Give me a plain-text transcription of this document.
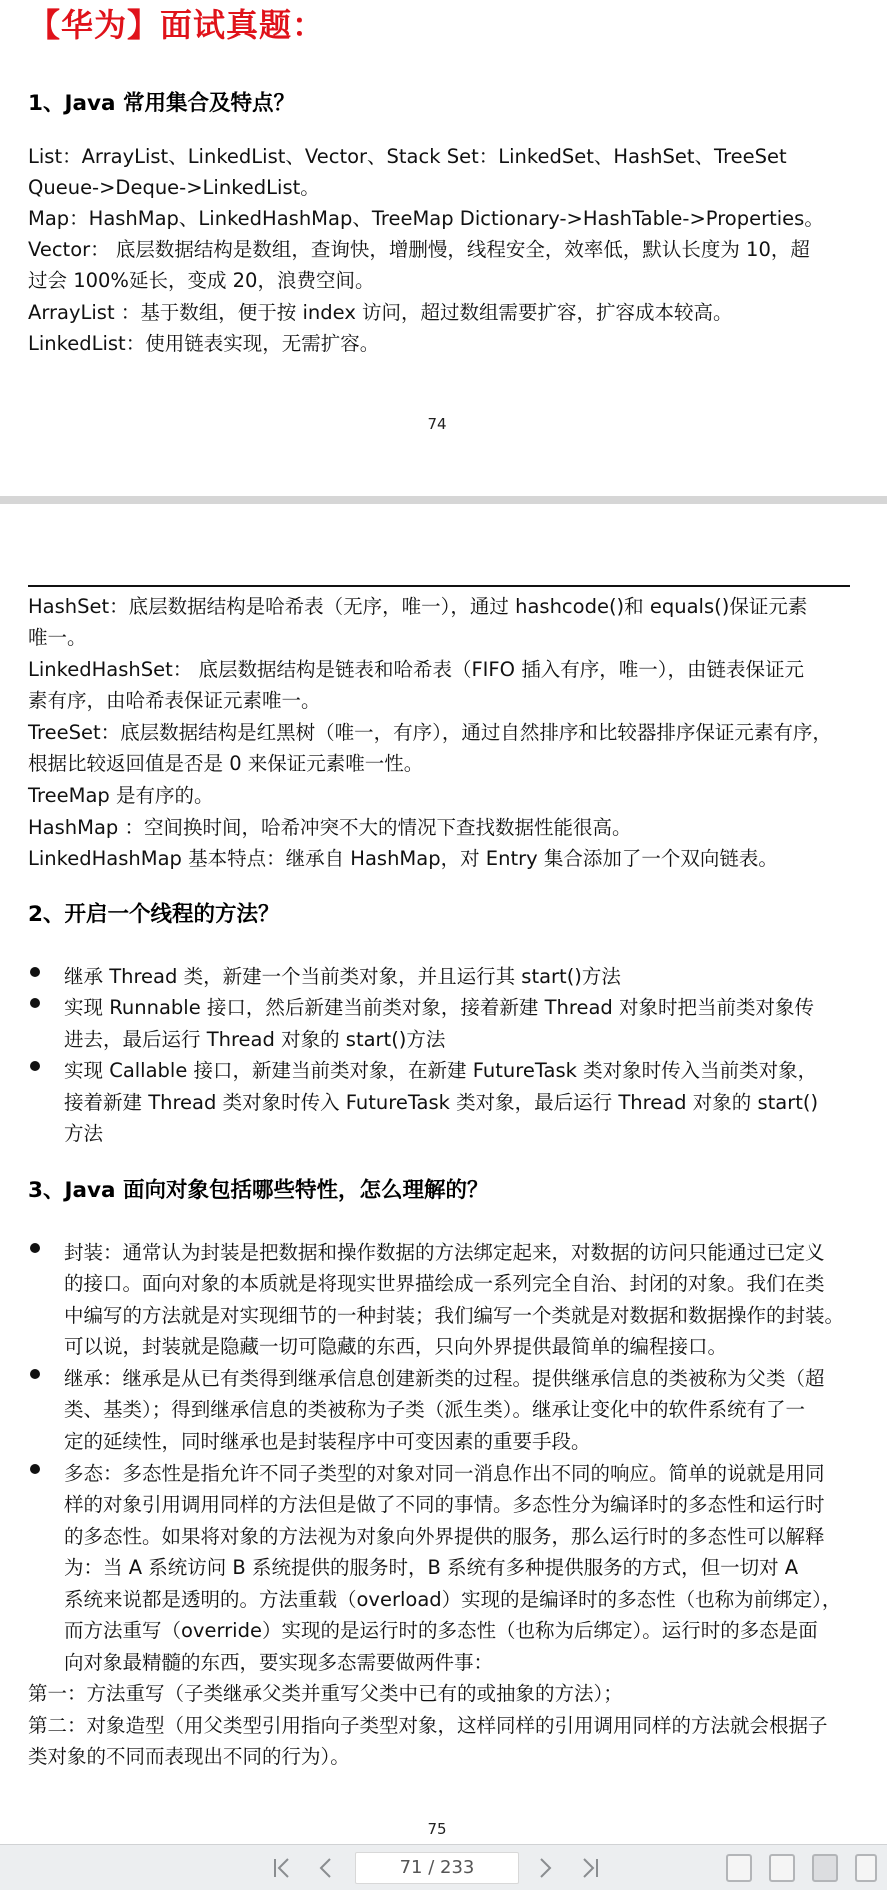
【华为】面试真题：
1、Java 常用集合及特点？
List：ArrayList、LinkedList、Vector、Stack Set：LinkedSet、HashSet、TreeSet
Queue->Deque->LinkedList。
Map：HashMap、LinkedHashMap、TreeMap Dictionary->HashTable->Properties。
Vector： 底层数据结构是数组，查询快，增删慢，线程安全，效率低，默认长度为 10，超
过会 100%延长，变成 20，浪费空间。
ArrayList ：基于数组，便于按 index 访问，超过数组需要扩容，扩容成本较高。
LinkedList：使用链表实现，无需扩容。
74
HashSet：底层数据结构是哈希表（无序，唯一），通过 hashcode()和 equals()保证元素
唯一。
LinkedHashSet： 底层数据结构是链表和哈希表（FIFO 插入有序，唯一），由链表保证元
素有序，由哈希表保证元素唯一。
TreeSet：底层数据结构是红黑树（唯一，有序），通过自然排序和比较器排序保证元素有序，
根据比较返回值是否是 0 来保证元素唯一性。
TreeMap 是有序的。
HashMap ：空间换时间，哈希冲突不大的情况下查找数据性能很高。
LinkedHashMap 基本特点：继承自 HashMap，对 Entry 集合添加了一个双向链表。
2、开启一个线程的方法？
继承 Thread 类，新建一个当前类对象，并且运行其 start()方法
实现 Runnable 接口，然后新建当前类对象，接着新建 Thread 对象时把当前类对象传
进去，最后运行 Thread 对象的 start()方法
实现 Callable 接口，新建当前类对象，在新建 FutureTask 类对象时传入当前类对象，
接着新建 Thread 类对象时传入 FutureTask 类对象，最后运行 Thread 对象的 start()
方法
3、Java 面向对象包括哪些特性，怎么理解的？
封装：通常认为封装是把数据和操作数据的方法绑定起来，对数据的访问只能通过已定义
的接口。面向对象的本质就是将现实世界描绘成一系列完全自治、封闭的对象。我们在类
中编写的方法就是对实现细节的一种封装；我们编写一个类就是对数据和数据操作的封装。
可以说，封装就是隐藏一切可隐藏的东西，只向外界提供最简单的编程接口。
继承：继承是从已有类得到继承信息创建新类的过程。提供继承信息的类被称为父类（超
类、基类）；得到继承信息的类被称为子类（派生类）。继承让变化中的软件系统有了一
定的延续性，同时继承也是封装程序中可变因素的重要手段。
多态：多态性是指允许不同子类型的对象对同一消息作出不同的响应。简单的说就是用同
样的对象引用调用同样的方法但是做了不同的事情。多态性分为编译时的多态性和运行时
的多态性。如果将对象的方法视为对象向外界提供的服务，那么运行时的多态性可以解释
为：当 A 系统访问 B 系统提供的服务时，B 系统有多种提供服务的方式，但一切对 A
系统来说都是透明的。方法重载（overload）实现的是编译时的多态性（也称为前绑定），
而方法重写（override）实现的是运行时的多态性（也称为后绑定）。运行时的多态是面
向对象最精髓的东西，要实现多态需要做两件事：
第一：方法重写（子类继承父类并重写父类中已有的或抽象的方法）；
第二：对象造型（用父类型引用指向子类型对象，这样同样的引用调用同样的方法就会根据子
类对象的不同而表现出不同的行为）。
75
71 / 233
